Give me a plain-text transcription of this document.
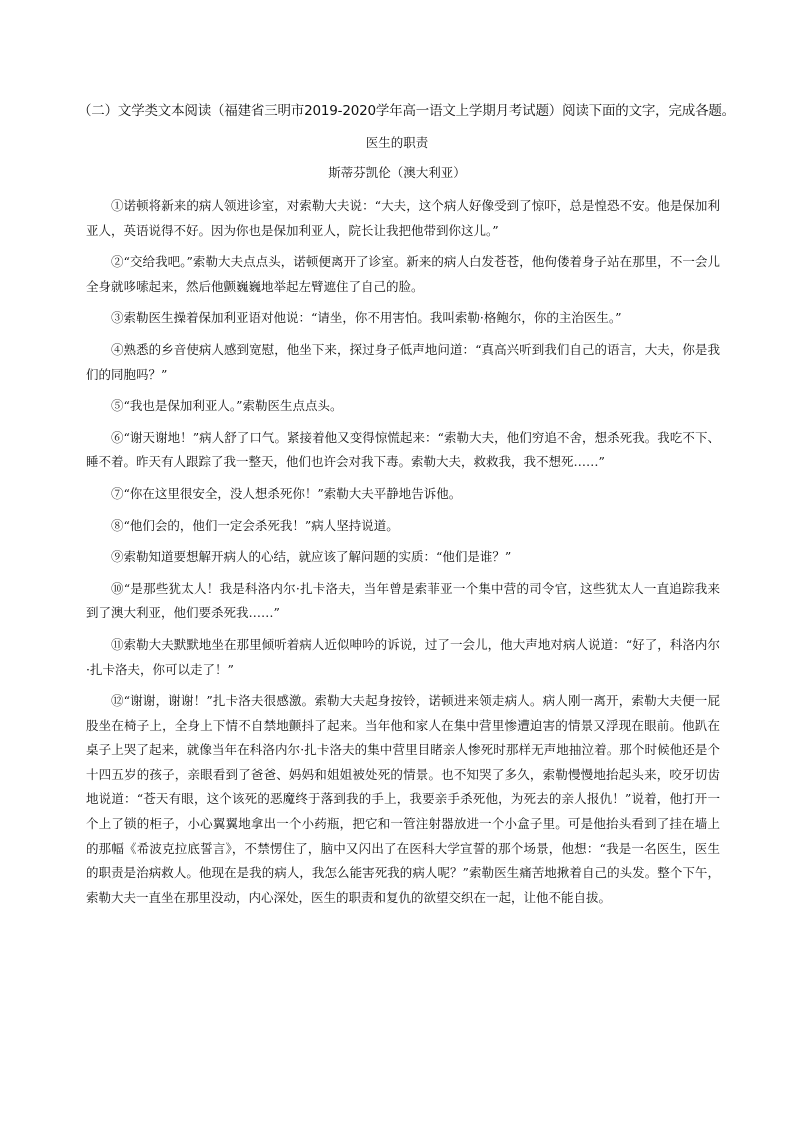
（二）文学类文本阅读（福建省三明市2019-2020学年高一语文上学期月考试题）阅读下面的文字，完成各题。
医生的职责
斯蒂芬凯伦（澳大利亚）

①诺顿将新来的病人领进诊室，对索勒大夫说：“大夫，这个病人好像受到了惊吓，总是惶恐不安。他是保加利亚人，英语说得不好。因为你也是保加利亚人，院长让我把他带到你这儿。”

②“交给我吧。”索勒大夫点点头，诺顿便离开了诊室。新来的病人白发苍苍，他佝偻着身子站在那里，不一会儿全身就哆嗦起来，然后他颤巍巍地举起左臂遮住了自己的脸。

③索勒医生操着保加利亚语对他说：“请坐，你不用害怕。我叫索勒·格鲍尔，你的主治医生。”

④熟悉的乡音使病人感到宽慰，他坐下来，探过身子低声地问道：“真高兴听到我们自己的语言，大夫，你是我们的同胞吗？”

⑤“我也是保加利亚人。”索勒医生点点头。

⑥“谢天谢地！”病人舒了口气。紧接着他又变得惊慌起来：“索勒大夫，他们穷追不舍，想杀死我。我吃不下、睡不着。昨天有人跟踪了我一整天，他们也许会对我下毒。索勒大夫，救救我，我不想死……”

⑦“你在这里很安全，没人想杀死你！”索勒大夫平静地告诉他。

⑧“他们会的，他们一定会杀死我！”病人坚持说道。

⑨索勒知道要想解开病人的心结，就应该了解问题的实质：“他们是谁？”

⑩“是那些犹太人！我是科洛内尔·扎卡洛夫，当年曾是索菲亚一个集中营的司令官，这些犹太人一直追踪我来到了澳大利亚，他们要杀死我……”

⑪索勒大夫默默地坐在那里倾听着病人近似呻吟的诉说，过了一会儿，他大声地对病人说道：“好了，科洛内尔·扎卡洛夫，你可以走了！”

⑫“谢谢，谢谢！”扎卡洛夫很感激。索勒大夫起身按铃，诺顿进来领走病人。病人刚一离开，索勒大夫便一屁股坐在椅子上，全身上下情不自禁地颤抖了起来。当年他和家人在集中营里惨遭迫害的情景又浮现在眼前。他趴在桌子上哭了起来，就像当年在科洛内尔·扎卡洛夫的集中营里目睹亲人惨死时那样无声地抽泣着。那个时候他还是个十四五岁的孩子，亲眼看到了爸爸、妈妈和姐姐被处死的情景。也不知哭了多久，索勒慢慢地抬起头来，咬牙切齿地说道：“苍天有眼，这个该死的恶魔终于落到我的手上，我要亲手杀死他，为死去的亲人报仇！”说着，他打开一个上了锁的柜子，小心翼翼地拿出一个小药瓶，把它和一管注射器放进一个小盒子里。可是他抬头看到了挂在墙上的那幅《希波克拉底誓言》，不禁愣住了，脑中又闪出了在医科大学宣誓的那个场景，他想：“我是一名医生，医生的职责是治病救人。他现在是我的病人，我怎么能害死我的病人呢？”索勒医生痛苦地揪着自己的头发。整个下午，索勒大夫一直坐在那里没动，内心深处，医生的职责和复仇的欲望交织在一起，让他不能自拔。
